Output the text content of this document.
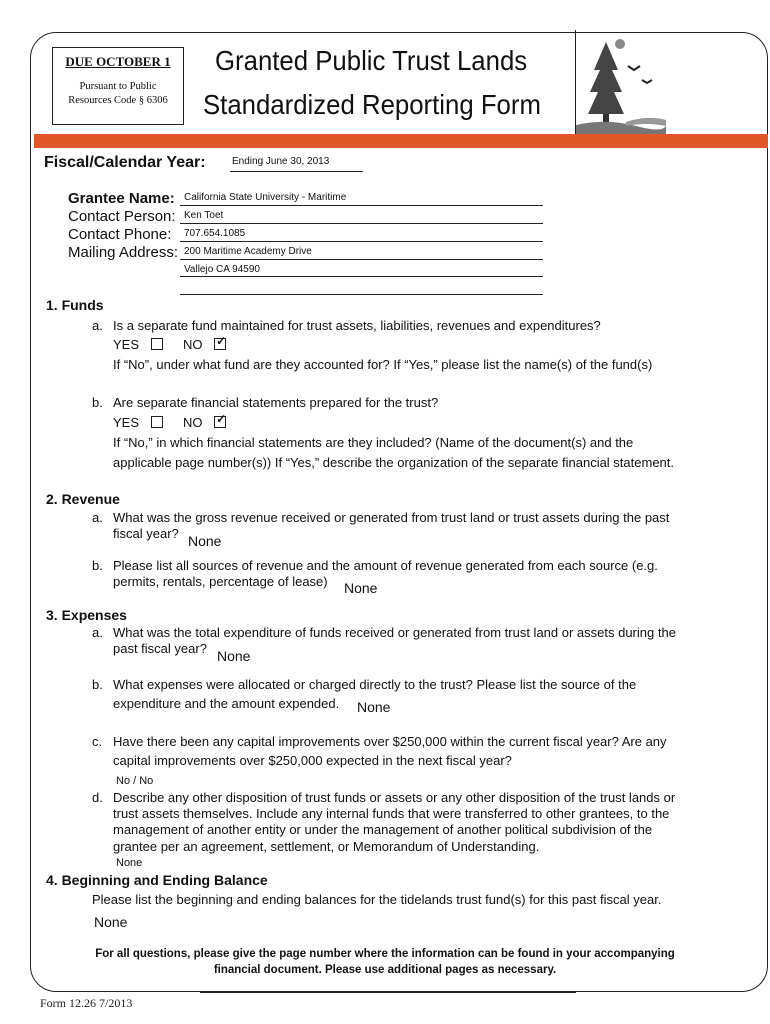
DUE OCTOBER 1
Pursuant to Public
Resources Code § 6306
Granted Public Trust Lands
Standardized Reporting Form
Fiscal/Calendar Year:	Ending June 30, 2013
Grantee Name: California State University - Maritime
Contact Person: Ken Toet
Contact Phone: 707.654.1085
Mailing Address: 200 Maritime Academy Drive
Vallejo CA 94590
1. Funds
a. Is a separate fund maintained for trust assets, liabilities, revenues and expenditures?
YES	NO ✓
If “No”, under what fund are they accounted for? If “Yes,” please list the name(s) of the fund(s)
b. Are separate financial statements prepared for the trust?
YES	NO ✓
If “No,” in which financial statements are they included? (Name of the document(s) and the
applicable page number(s)) If “Yes,” describe the organization of the separate financial statement.
2. Revenue
a. What was the gross revenue received or generated from trust land or trust assets during the past
fiscal year? None
b. Please list all sources of revenue and the amount of revenue generated from each source (e.g.
permits, rentals, percentage of lease) None
3. Expenses
a. What was the total expenditure of funds received or generated from trust land or assets during the
past fiscal year? None
b. What expenses were allocated or charged directly to the trust? Please list the source of the
expenditure and the amount expended. None
c. Have there been any capital improvements over $250,000 within the current fiscal year? Are any
capital improvements over $250,000 expected in the next fiscal year?
No / No
d. Describe any other disposition of trust funds or assets or any other disposition of the trust lands or
trust assets themselves. Include any internal funds that were transferred to other grantees, to the
management of another entity or under the management of another political subdivision of the
grantee per an agreement, settlement, or Memorandum of Understanding.
None
4. Beginning and Ending Balance
Please list the beginning and ending balances for the tidelands trust fund(s) for this past fiscal year.
None
For all questions, please give the page number where the information can be found in your accompanying
financial document. Please use additional pages as necessary.
Form 12.26 7/2013
